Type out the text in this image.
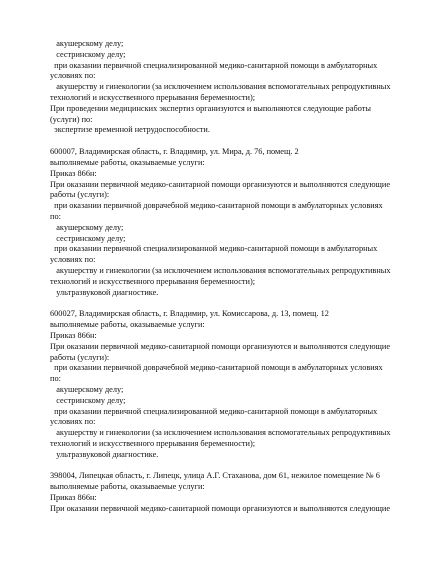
акушерскому делу;
сестринскому делу;
при оказании первичной специализированной медико-санитарной помощи в амбулаторных
условиях по:
акушерству и гинекологии (за исключением использования вспомогательных репродуктивных
технологий и искусственного прерывания беременности);
При проведении медицинских экспертиз организуются и выполняются следующие работы
(услуги) по:
экспертизе временной нетрудоспособности.
600007, Владимирская область, г. Владимир, ул. Мира, д. 76, помещ. 2
выполняемые работы, оказываемые услуги:
Приказ 866н:
При оказании первичной медико-санитарной помощи организуются и выполняются следующие
работы (услуги):
при оказании первичной доврачебной медико-санитарной помощи в амбулаторных условиях
по:
акушерскому делу;
сестринскому делу;
при оказании первичной специализированной медико-санитарной помощи в амбулаторных
условиях по:
акушерству и гинекологии (за исключением использования вспомогательных репродуктивных
технологий и искусственного прерывания беременности);
ультразвуковой диагностике.
600027, Владимирская область, г. Владимир, ул. Комиссарова, д. 13, помещ. 12
выполняемые работы, оказываемые услуги:
Приказ 866н:
При оказании первичной медико-санитарной помощи организуются и выполняются следующие
работы (услуги):
при оказании первичной доврачебной медико-санитарной помощи в амбулаторных условиях
по:
акушерскому делу;
сестринскому делу;
при оказании первичной специализированной медико-санитарной помощи в амбулаторных
условиях по:
акушерству и гинекологии (за исключением использования вспомогательных репродуктивных
технологий и искусственного прерывания беременности);
ультразвуковой диагностике.
398004, Липецкая область, г. Липецк, улица А.Г. Стаханова, дом 61, нежилое помещение № 6
выполняемые работы, оказываемые услуги:
Приказ 866н:
При оказании первичной медико-санитарной помощи организуются и выполняются следующие
